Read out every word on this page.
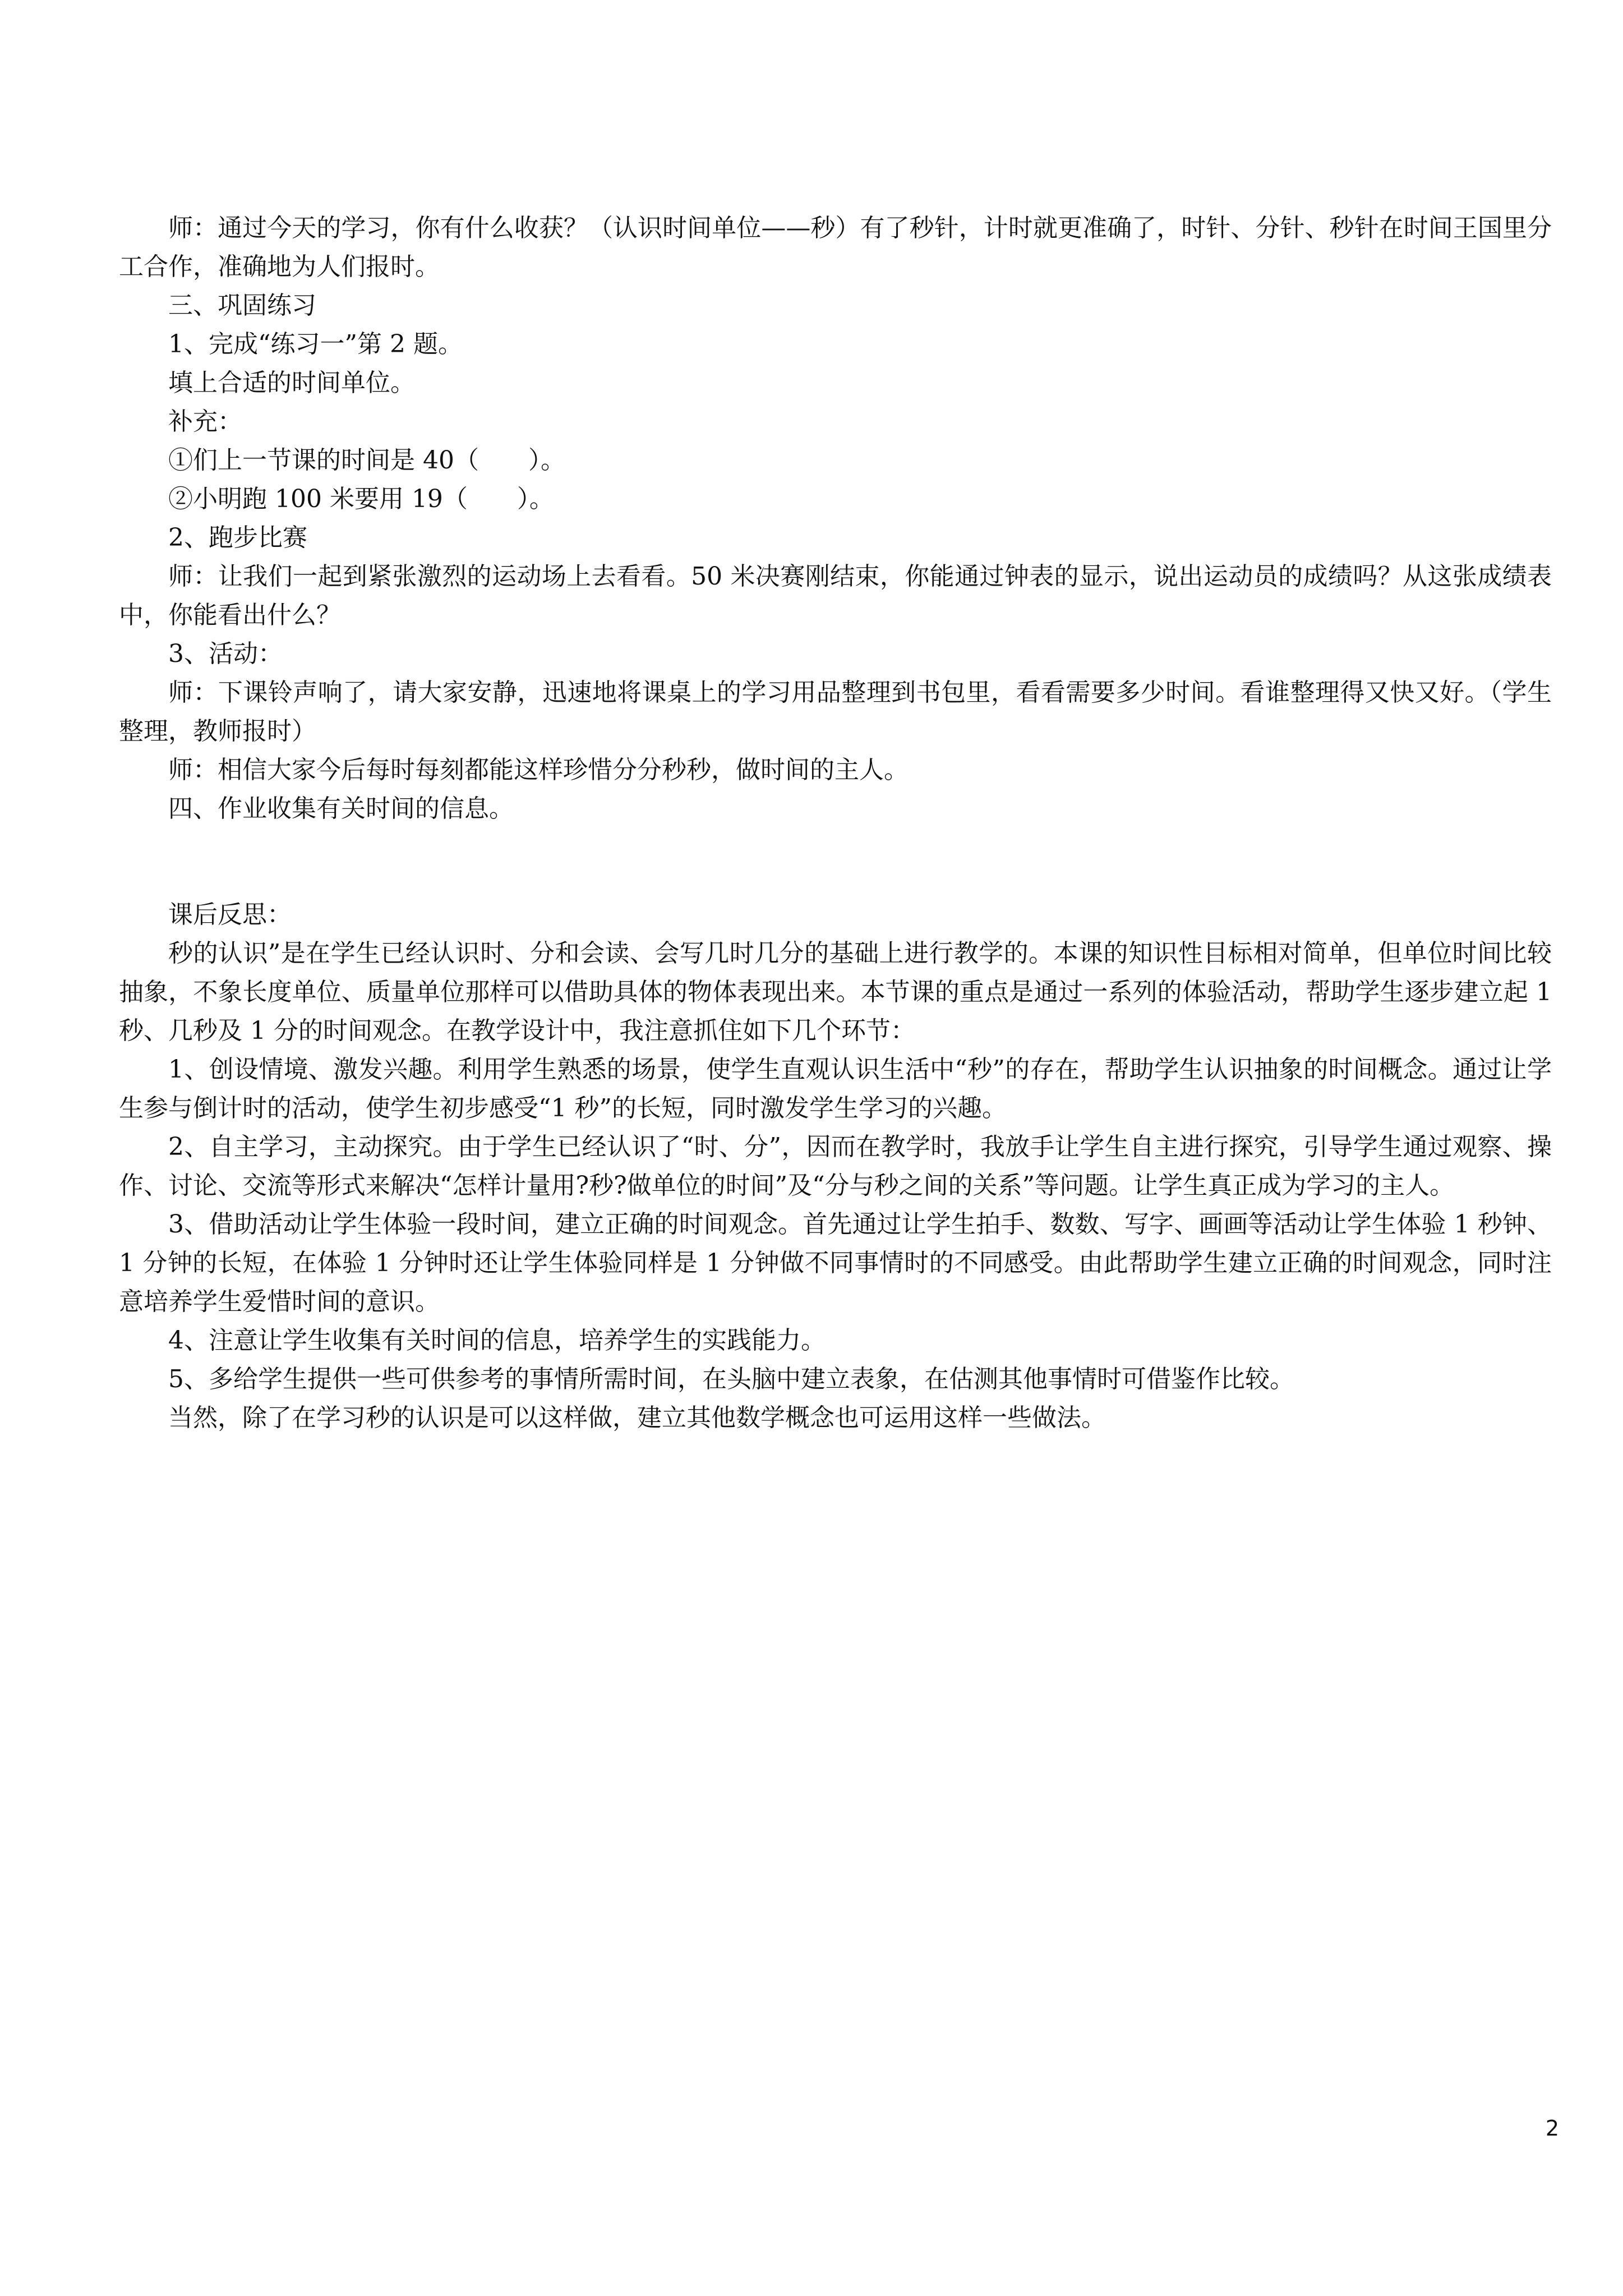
师：通过今天的学习，你有什么收获？（认识时间单位——秒）有了秒针，计时就更准确了，时针、分针、秒针在时间王国里分工合作，准确地为人们报时。

三、巩固练习

1、完成“练习一”第 2 题。

填上合适的时间单位。

补充：

①们上一节课的时间是 40（　　）。

②小明跑 100 米要用 19（　　）。

2、跑步比赛

师：让我们一起到紧张激烈的运动场上去看看。50 米决赛刚结束，你能通过钟表的显示，说出运动员的成绩吗？从这张成绩表中，你能看出什么？

3、活动：

师：下课铃声响了，请大家安静，迅速地将课桌上的学习用品整理到书包里，看看需要多少时间。看谁整理得又快又好。（学生整理，教师报时）

师：相信大家今后每时每刻都能这样珍惜分分秒秒，做时间的主人。

四、作业收集有关时间的信息。

课后反思：

秒的认识”是在学生已经认识时、分和会读、会写几时几分的基础上进行教学的。本课的知识性目标相对简单，但单位时间比较抽象，不象长度单位、质量单位那样可以借助具体的物体表现出来。本节课的重点是通过一系列的体验活动，帮助学生逐步建立起 1 秒、几秒及 1 分的时间观念。在教学设计中，我注意抓住如下几个环节：

1、创设情境、激发兴趣。利用学生熟悉的场景，使学生直观认识生活中“秒”的存在，帮助学生认识抽象的时间概念。通过让学生参与倒计时的活动，使学生初步感受“1 秒”的长短，同时激发学生学习的兴趣。

2、自主学习，主动探究。由于学生已经认识了“时、分”，因而在教学时，我放手让学生自主进行探究，引导学生通过观察、操作、讨论、交流等形式来解决“怎样计量用?秒?做单位的时间”及“分与秒之间的关系”等问题。让学生真正成为学习的主人。

3、借助活动让学生体验一段时间，建立正确的时间观念。首先通过让学生拍手、数数、写字、画画等活动让学生体验 1 秒钟、1 分钟的长短，在体验 1 分钟时还让学生体验同样是 1 分钟做不同事情时的不同感受。由此帮助学生建立正确的时间观念，同时注意培养学生爱惜时间的意识。

4、注意让学生收集有关时间的信息，培养学生的实践能力。

5、多给学生提供一些可供参考的事情所需时间，在头脑中建立表象，在估测其他事情时可借鉴作比较。

当然，除了在学习秒的认识是可以这样做，建立其他数学概念也可运用这样一些做法。

2
